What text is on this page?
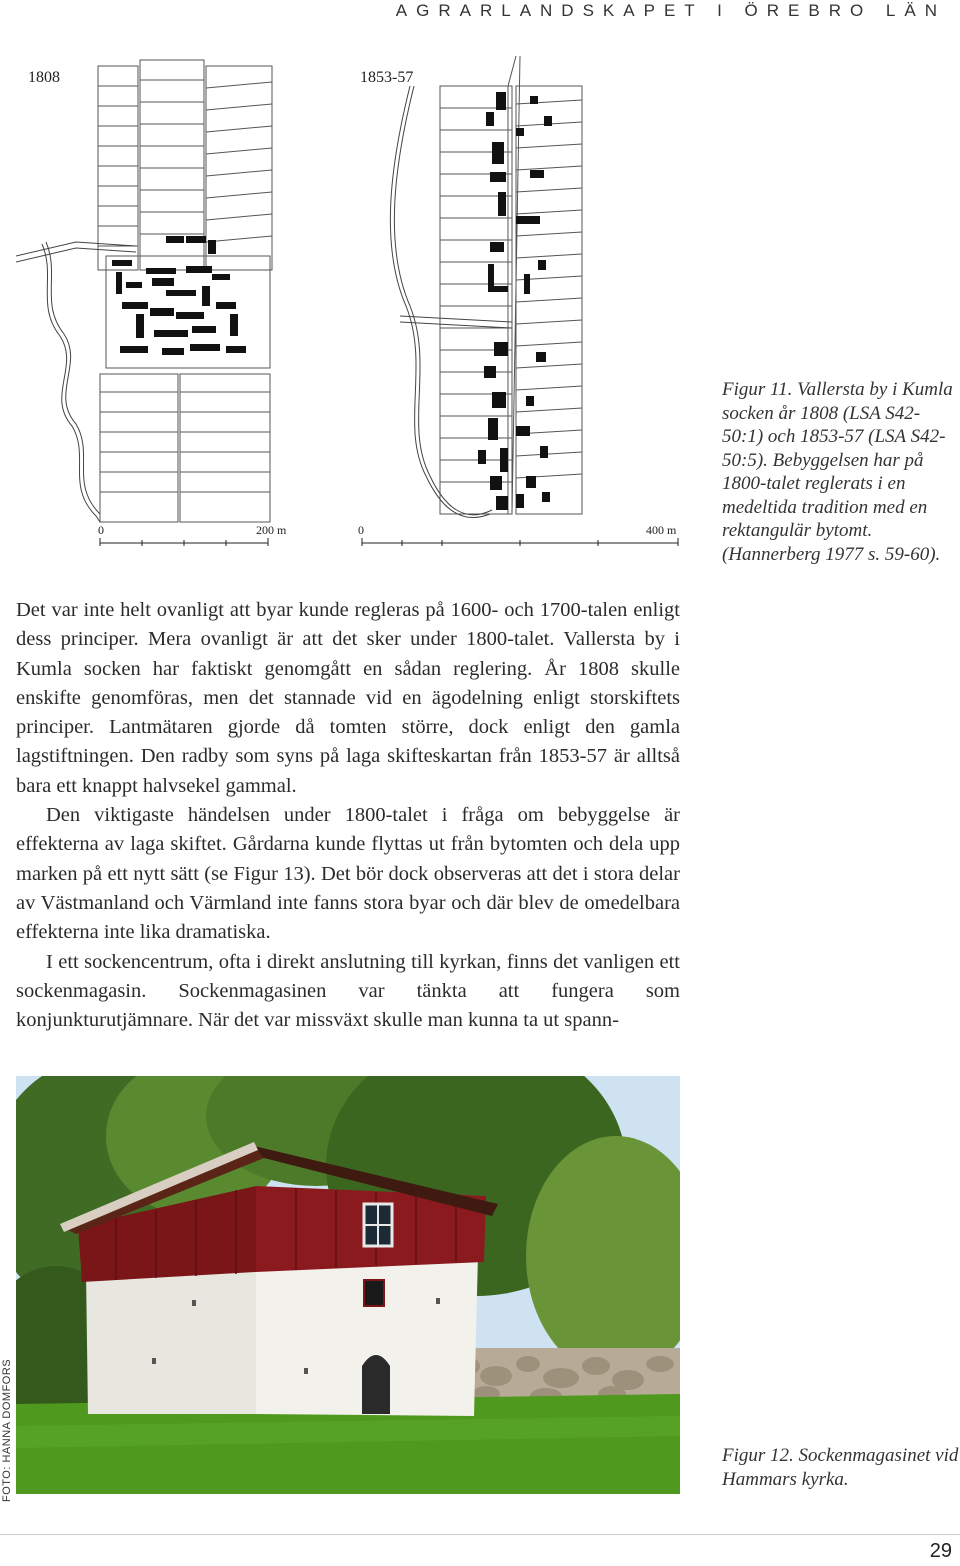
AGRARLANDSKAPET I ÖREBRO LÄN
1808
0	200 m
1853-57
0	400 m
Figur 11. Vallersta by i Kumla socken år 1808 (LSA S42-50:1) och 1853-57 (LSA S42-50:5). Bebyggelsen har på 1800-talet reglerats i en medeltida tradition med en rektangulär bytomt. (Hannerberg 1977 s. 59-60).

Det var inte helt ovanligt att byar kunde regleras på 1600- och 1700-talen enligt dess principer. Mera ovanligt är att det sker under 1800-talet. Vallersta by i Kumla socken har faktiskt genomgått en sådan reglering. År 1808 skulle enskifte genomföras, men det stannade vid en ägodelning enligt storskiftets principer. Lantmätaren gjorde då tomten större, dock enligt den gamla lagstiftningen. Den radby som syns på laga skifteskartan från 1853-57 är alltså bara ett knappt halvsekel gammal.

Den viktigaste händelsen under 1800-talet i fråga om bebyggelse är effekterna av laga skiftet. Gårdarna kunde flyttas ut från bytomten och dela upp marken på ett nytt sätt (se Figur 13). Det bör dock observeras att det i stora delar av Västmanland och Värmland inte fanns stora byar och där blev de omedelbara effekterna inte lika dramatiska.

I ett sockencentrum, ofta i direkt anslutning till kyrkan, finns det vanligen ett sockenmagasin. Sockenmagasinen var tänkta att fungera som konjunkturutjämnare. När det var missväxt skulle man kunna ta ut spann-

FOTO: HANNA DOMFORS	Figur 12. Sockenmagasinet vid Hammars kyrka.
29
